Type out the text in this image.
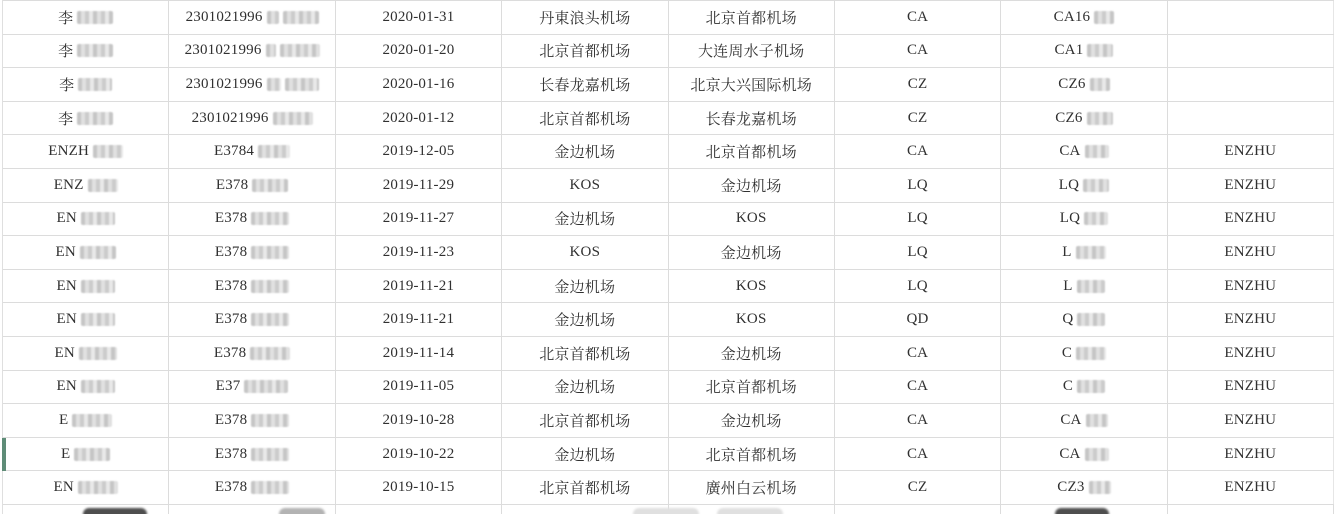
李	2301021996	2020-01-31	丹東浪头机场	北京首都机场	CA	CA16
李	2301021996	2020-01-20	北京首都机场	大连周水子机场	CA	CA1
李	2301021996	2020-01-16	长春龙嘉机场	北京大兴国际机场	CZ	CZ6
李	2301021996	2020-01-12	北京首都机场	长春龙嘉机场	CZ	CZ6
ENZH	E3784	2019-12-05	金边机场	北京首都机场	CA	CA	ENZHU
ENZ	E378	2019-11-29	KOS	金边机场	LQ	LQ	ENZHU
EN	E378	2019-11-27	金边机场	KOS	LQ	LQ	ENZHU
EN	E378	2019-11-23	KOS	金边机场	LQ	L	ENZHU
EN	E378	2019-11-21	金边机场	KOS	LQ	L	ENZHU
EN	E378	2019-11-21	金边机场	KOS	QD	Q	ENZHU
EN	E378	2019-11-14	北京首都机场	金边机场	CA	C	ENZHU
EN	E37	2019-11-05	金边机场	北京首都机场	CA	C	ENZHU
E	E378	2019-10-28	北京首都机场	金边机场	CA	CA	ENZHU
E	E378	2019-10-22	金边机场	北京首都机场	CA	CA	ENZHU
EN	E378	2019-10-15	北京首都机场	廣州白云机场	CZ	CZ3	ENZHU
